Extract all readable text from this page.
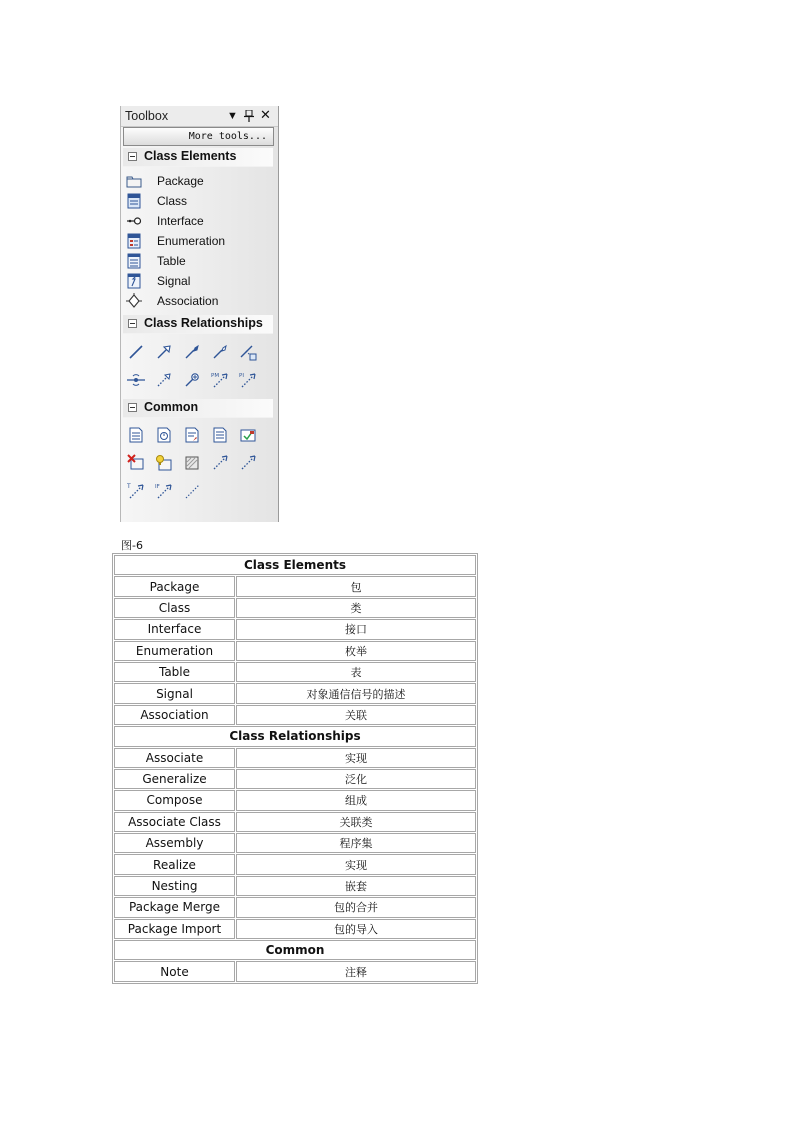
Toolbox	▼ ✕
More tools...
Class Elements
Package
Class
Interface
Enumeration
Table
Signal
Association
Class Relationships
PM	PI
Common
T	IF
图-6
Class Elements	
Package	包
Class	类
Interface	接口
Enumeration	枚举
Table	表
Signal	对象通信信号的描述
Association	关联
Class Relationships	
Associate	实现
Generalize	泛化
Compose	组成
Associate Class	关联类
Assembly	程序集
Realize	实现
Nesting	嵌套
Package Merge	包的合并
Package Import	包的导入
Common	
Note	注释
